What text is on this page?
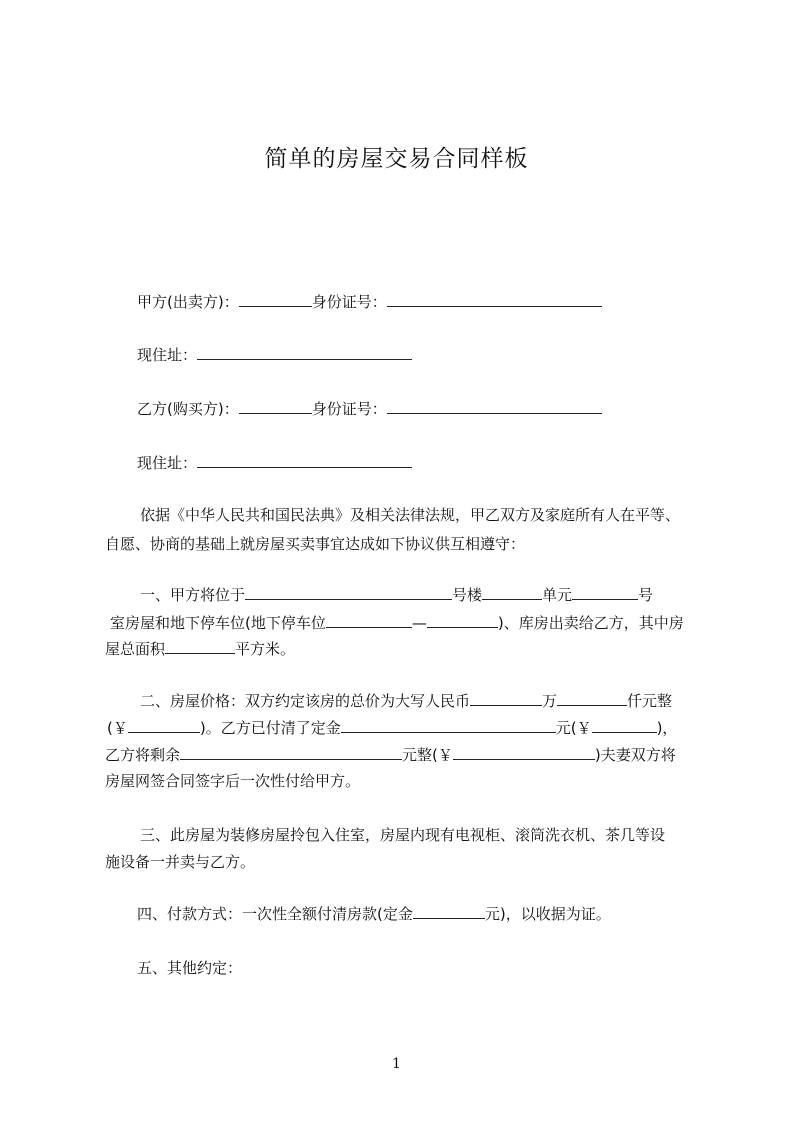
简单的房屋交易合同样板

甲方(出卖方)：	身份证号：

现住址：

乙方(购买方)：	身份证号：

现住址：

依据《中华人民共和国民法典》及相关法律法规，甲乙双方及家庭所有人在平等、

自愿、协商的基础上就房屋买卖事宜达成如下协议供互相遵守：

一、甲方将位于	号楼	单元	号

室房屋和地下停车位(地下停车位	—	)、库房出卖给乙方，其中房

屋总面积	平方米。

二、房屋价格：双方约定该房的总价为大写人民币	万	仟元整

(￥	)。乙方已付清了定金	元(￥	)，

乙方将剩余	元整(￥	)夫妻双方将

房屋网签合同签字后一次性付给甲方。

三、此房屋为装修房屋拎包入住室，房屋内现有电视柜、滚筒洗衣机、茶几等设

施设备一并卖与乙方。

四、付款方式：一次性全额付清房款(定金	元)，以收据为证。

五、其他约定：

1
